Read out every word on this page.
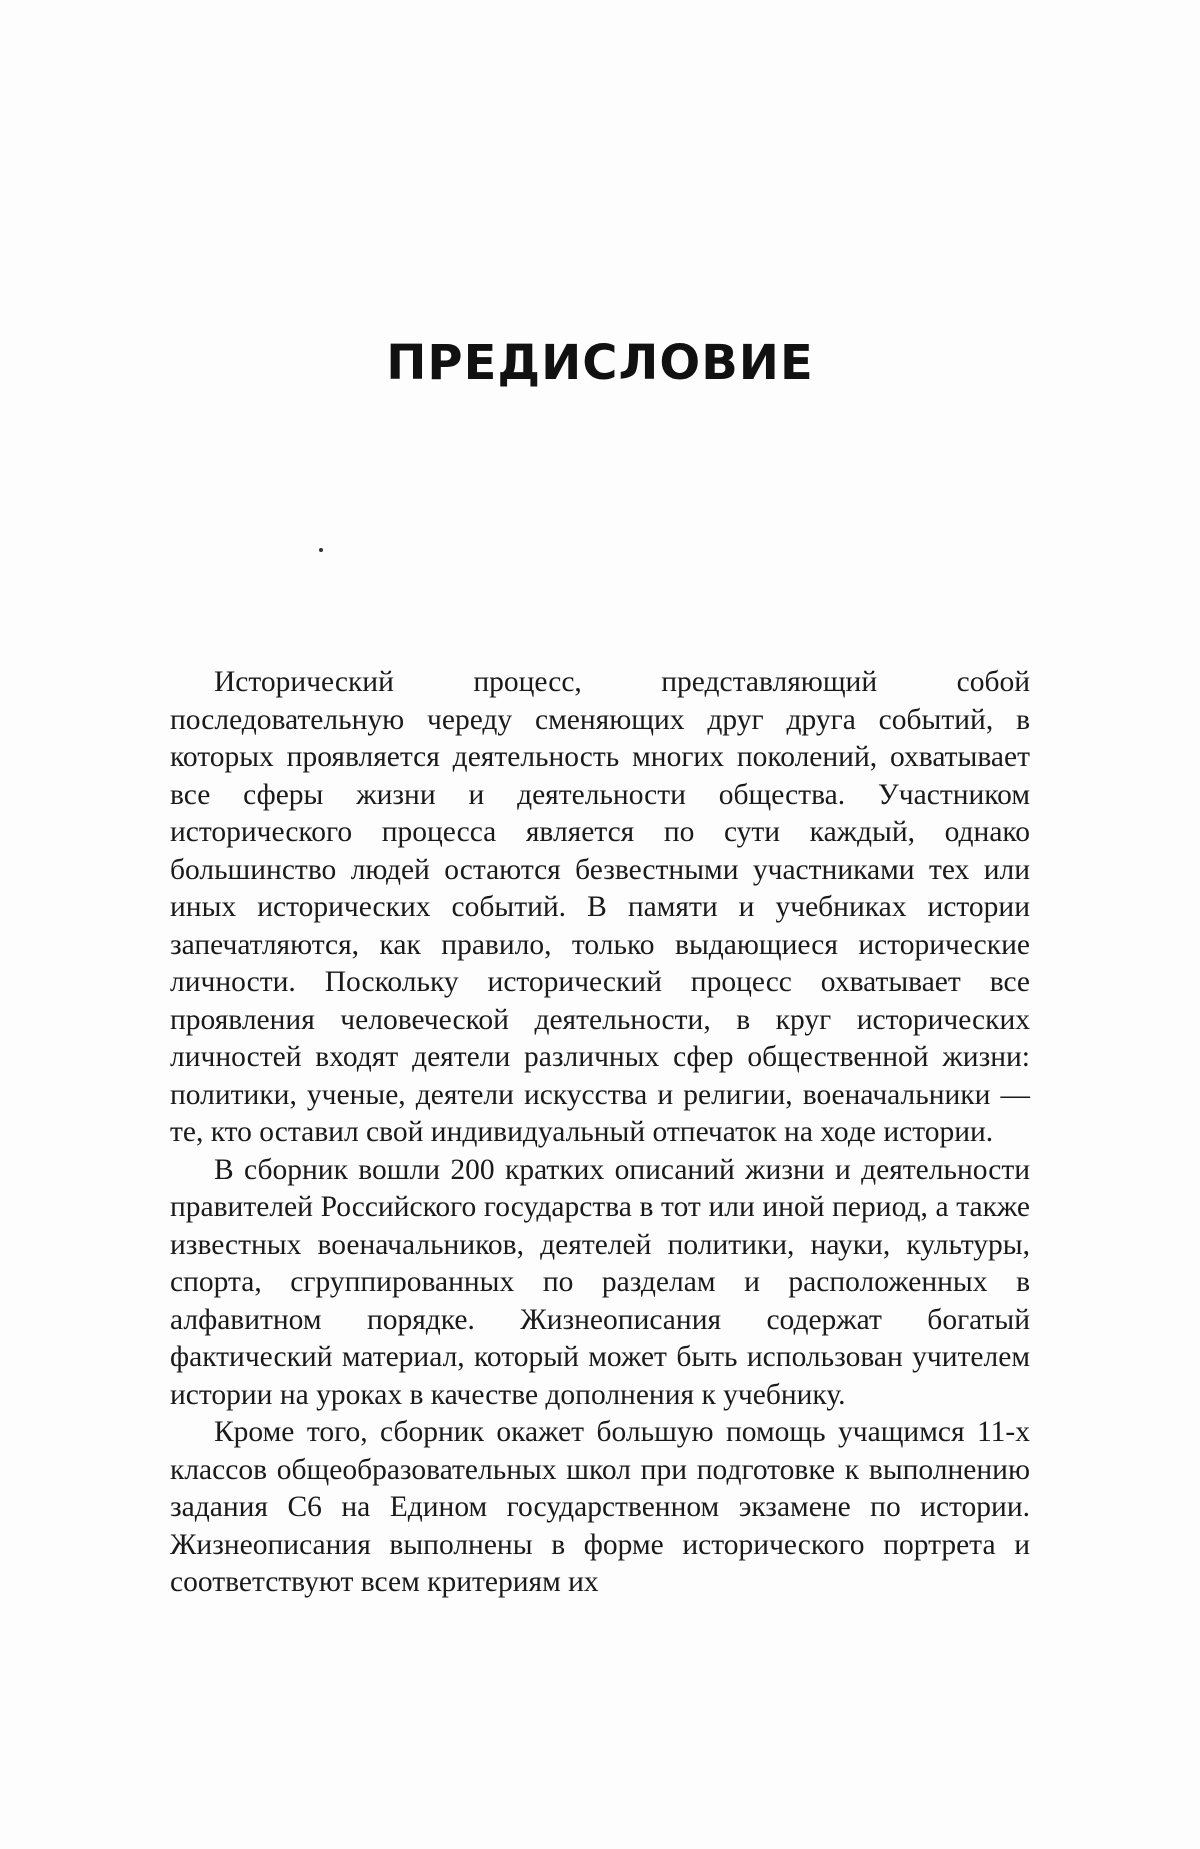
ПРЕДИСЛОВИЕ

Исторический процесс, представляющий собой последовательную череду сменяющих друг друга событий, в которых проявляется деятельность многих поколений, охватывает все сферы жизни и деятельности общества. Участником исторического процесса является по сути каждый, однако большинство людей остаются безвестными участниками тех или иных исторических событий. В памяти и учебниках истории запечатляются, как правило, только выдающиеся исторические личности. Поскольку исторический процесс охватывает все проявления человеческой деятельности, в круг исторических личностей входят деятели различных сфер общественной жизни: политики, ученые, деятели искусства и религии, военачальники — те, кто оставил свой индивидуальный отпечаток на ходе истории.

В сборник вошли 200 кратких описаний жизни и деятельности правителей Российского государства в тот или иной период, а также известных военачальников, деятелей политики, науки, культуры, спорта, сгруппированных по разделам и расположенных в алфавитном порядке. Жизнеописания содержат богатый фактический материал, который может быть использован учителем истории на уроках в качестве дополнения к учебнику.

Кроме того, сборник окажет большую помощь учащимся 11-х классов общеобразовательных школ при подготовке к выполнению задания С6 на Едином государственном экзамене по истории. Жизнеописания выполнены в форме исторического портрета и соответствуют всем критериям их
